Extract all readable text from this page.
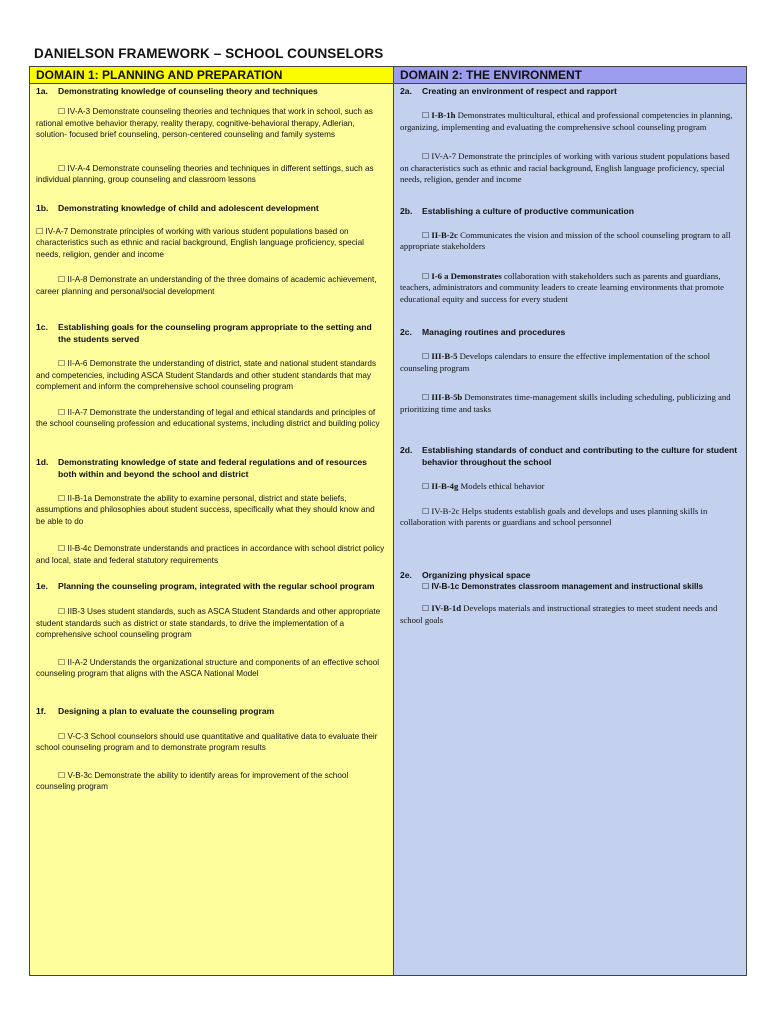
DANIELSON FRAMEWORK – SCHOOL COUNSELORS
DOMAIN 1: PLANNING AND PREPARATION
1a.	Demonstrating knowledge of counseling theory and techniques
☐ IV-A-3 Demonstrate counseling theories and techniques that work in school, such as rational emotive behavior therapy, reality therapy, cognitive-behavioral therapy, Adlerian, solution- focused brief counseling, person-centered counseling and family systems
☐ IV-A-4 Demonstrate counseling theories and techniques in different settings, such as individual planning, group counseling and classroom lessons
1b.	Demonstrating knowledge of child and adolescent development
☐ IV-A-7 Demonstrate principles of working with various student populations based on characteristics such as ethnic and racial background, English language proficiency, special needs, religion, gender and income
☐ II-A-8 Demonstrate an understanding of the three domains of academic achievement, career planning and personal/social development
1c.	Establishing goals for the counseling program appropriate to the setting and the students served
☐ II-A-6 Demonstrate the understanding of district, state and national student standards and competencies, including ASCA Student Standards and other student standards that may complement and inform the comprehensive school counseling program
☐ II-A-7 Demonstrate the understanding of legal and ethical standards and principles of the school counseling profession and educational systems, including district and building policy
1d.	Demonstrating knowledge of state and federal regulations and of resources both within and beyond the school and district
☐ II-B-1a Demonstrate the ability to examine personal, district and state beliefs, assumptions and philosophies about student success, specifically what they should know and be able to do
☐ II-B-4c Demonstrate understands and practices in accordance with school district policy and local, state and federal statutory requirements
1e.	Planning the counseling program, integrated with the regular school program
☐ IIB-3 Uses student standards, such as ASCA Student Standards and other appropriate student standards such as district or state standards, to drive the implementation of a comprehensive school counseling program
☐ II-A-2 Understands the organizational structure and components of an effective school counseling program that aligns with the ASCA National Model
1f.	Designing a plan to evaluate the counseling program
☐ V-C-3 School counselors should use quantitative and qualitative data to evaluate their school counseling program and to demonstrate program results
☐ V-B-3c Demonstrate the ability to identify areas for improvement of the school counseling program
DOMAIN 2: THE ENVIRONMENT
2a.	Creating an environment of respect and rapport
☐ I-B-1h Demonstrates multicultural, ethical and professional competencies in planning, organizing, implementing and evaluating the comprehensive school counseling program
☐ IV-A-7 Demonstrate the principles of working with various student populations based on characteristics such as ethnic and racial background, English language proficiency, special needs, religion, gender and income
2b.	Establishing a culture of productive communication
☐ II-B-2c Communicates the vision and mission of the school counseling program to all appropriate stakeholders
☐ I-6 a Demonstrates collaboration with stakeholders such as parents and guardians, teachers, administrators and community leaders to create learning environments that promote educational equity and success for every student
2c.	Managing routines and procedures
☐ III-B-5 Develops calendars to ensure the effective implementation of the school counseling program
☐ III-B-5b Demonstrates time-management skills including scheduling, publicizing and prioritizing time and tasks
2d.	Establishing standards of conduct and contributing to the culture for student behavior throughout the school
☐ II-B-4g Models ethical behavior
☐ IV-B-2c Helps students establish goals and develops and uses planning skills in collaboration with parents or guardians and school personnel
2e.	Organizing physical space
☐ IV-B-1c Demonstrates classroom management and instructional skills
☐ IV-B-1d Develops materials and instructional strategies to meet student needs and school goals
